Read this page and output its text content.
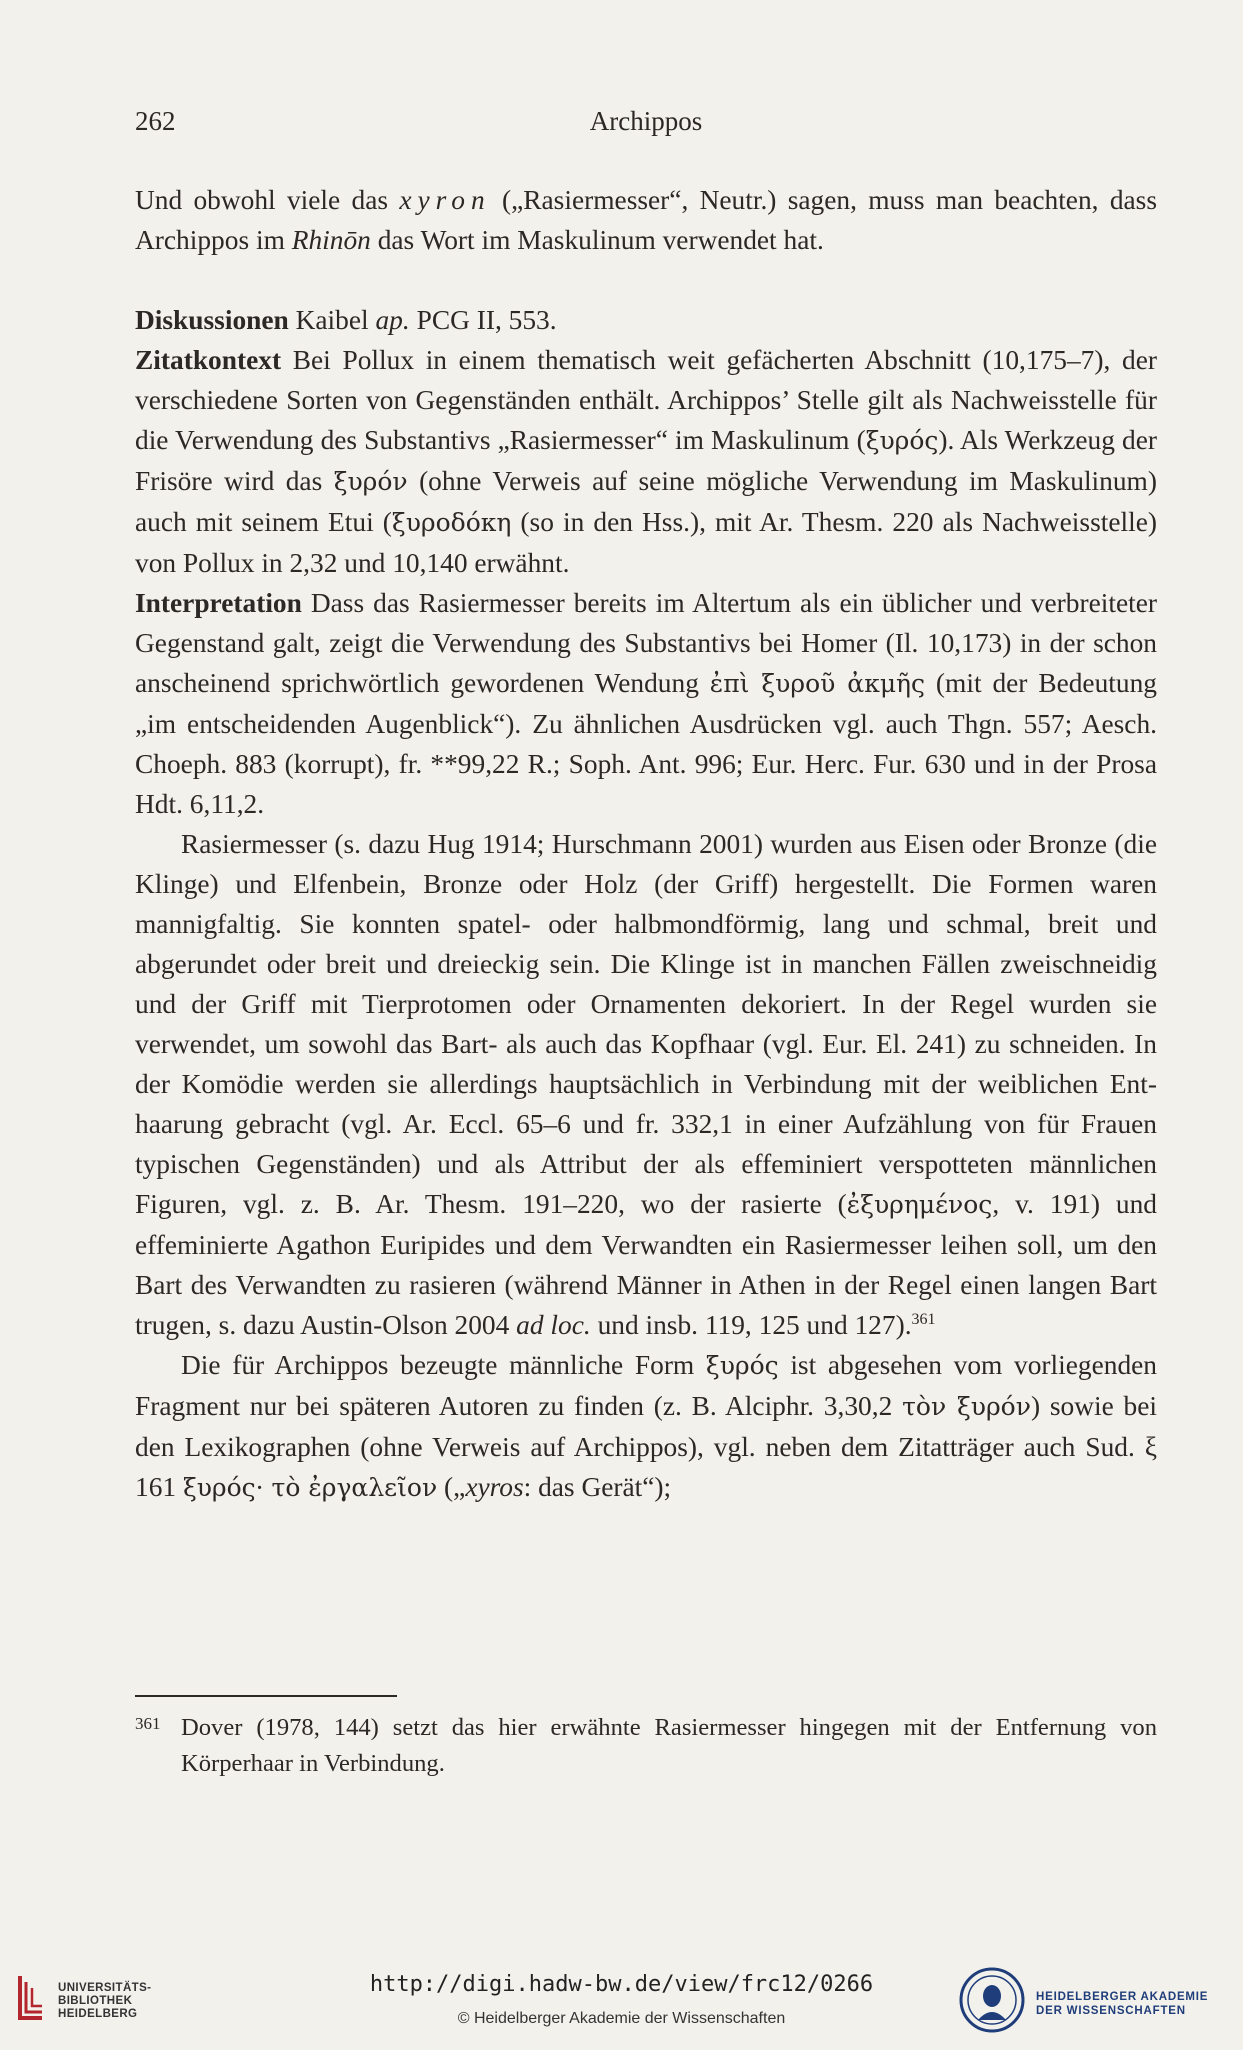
262	Archippos

Und obwohl viele das xyron („Rasiermesser“, Neutr.) sagen, muss man beachten, dass Archippos im Rhinōn das Wort im Maskulinum verwendet hat.

Diskussionen Kaibel ap. PCG II, 553.

Zitatkontext Bei Pollux in einem thematisch weit gefächerten Abschnitt (10,175–7), der verschiedene Sorten von Gegenständen enthält. Archippos’ Stelle gilt als Nachweisstelle für die Verwendung des Substantivs „Rasiermesser“ im Maskulinum (ξυρός). Als Werkzeug der Frisöre wird das ξυρόν (ohne Verweis auf seine mögliche Verwendung im Maskulinum) auch mit seinem Etui (ξυροδόκη (so in den Hss.), mit Ar. Thesm. 220 als Nachweisstelle) von Pollux in 2,32 und 10,140 erwähnt.

Interpretation Dass das Rasiermesser bereits im Altertum als ein üblicher und verbreiteter Gegenstand galt, zeigt die Verwendung des Substantivs bei Homer (Il. 10,173) in der schon anscheinend sprichwörtlich gewordenen Wendung ἐπὶ ξυροῦ ἀκμῆς (mit der Bedeutung „im entscheidenden Augenblick“). Zu ähnlichen Ausdrücken vgl. auch Thgn. 557; Aesch. Choeph. 883 (korrupt), fr. **99,22 R.; Soph. Ant. 996; Eur. Herc. Fur. 630 und in der Prosa Hdt. 6,11,2.

Rasiermesser (s. dazu Hug 1914; Hurschmann 2001) wurden aus Eisen oder Bronze (die Klinge) und Elfenbein, Bronze oder Holz (der Griff) hergestellt. Die Formen waren mannigfaltig. Sie konnten spatel- oder halbmondförmig, lang und schmal, breit und abgerundet oder breit und dreieckig sein. Die Klinge ist in manchen Fällen zweischneidig und der Griff mit Tierprotomen oder Ornamenten dekoriert. In der Regel wurden sie verwendet, um sowohl das Bart- als auch das Kopfhaar (vgl. Eur. El. 241) zu schneiden. In der Komödie werden sie allerdings hauptsächlich in Verbindung mit der weiblichen Enthaarung gebracht (vgl. Ar. Eccl. 65–6 und fr. 332,1 in einer Aufzählung von für Frauen typischen Gegenständen) und als Attribut der als effeminiert verspotteten männlichen Figuren, vgl. z. B. Ar. Thesm. 191–220, wo der rasierte (ἐξυρημένος, v. 191) und effeminierte Agathon Euripides und dem Verwandten ein Rasiermesser leihen soll, um den Bart des Verwandten zu rasieren (während Männer in Athen in der Regel einen langen Bart trugen, s. dazu Austin-Olson 2004 ad loc. und insb. 119, 125 und 127).$^{361}$

Die für Archippos bezeugte männliche Form ξυρός ist abgesehen vom vorliegenden Fragment nur bei späteren Autoren zu finden (z. B. Alciphr. 3,30,2 τὸν ξυρόν) sowie bei den Lexikographen (ohne Verweis auf Archippos), vgl. neben dem Zitatträger auch Sud. ξ 161 ξυρός· τὸ ἐργαλεῖον („xyros: das Gerät“);

361 Dover (1978, 144) setzt das hier erwähnte Rasiermesser hingegen mit der Entfernung von Körperhaar in Verbindung.
UNIVERSITÄTS-
BIBLIOTHEK
HEIDELBERG
http://digi.hadw-bw.de/view/frc12/0266
© Heidelberger Akademie der Wissenschaften
HEIDELBERGER AKADEMIE
DER WISSENSCHAFTEN
